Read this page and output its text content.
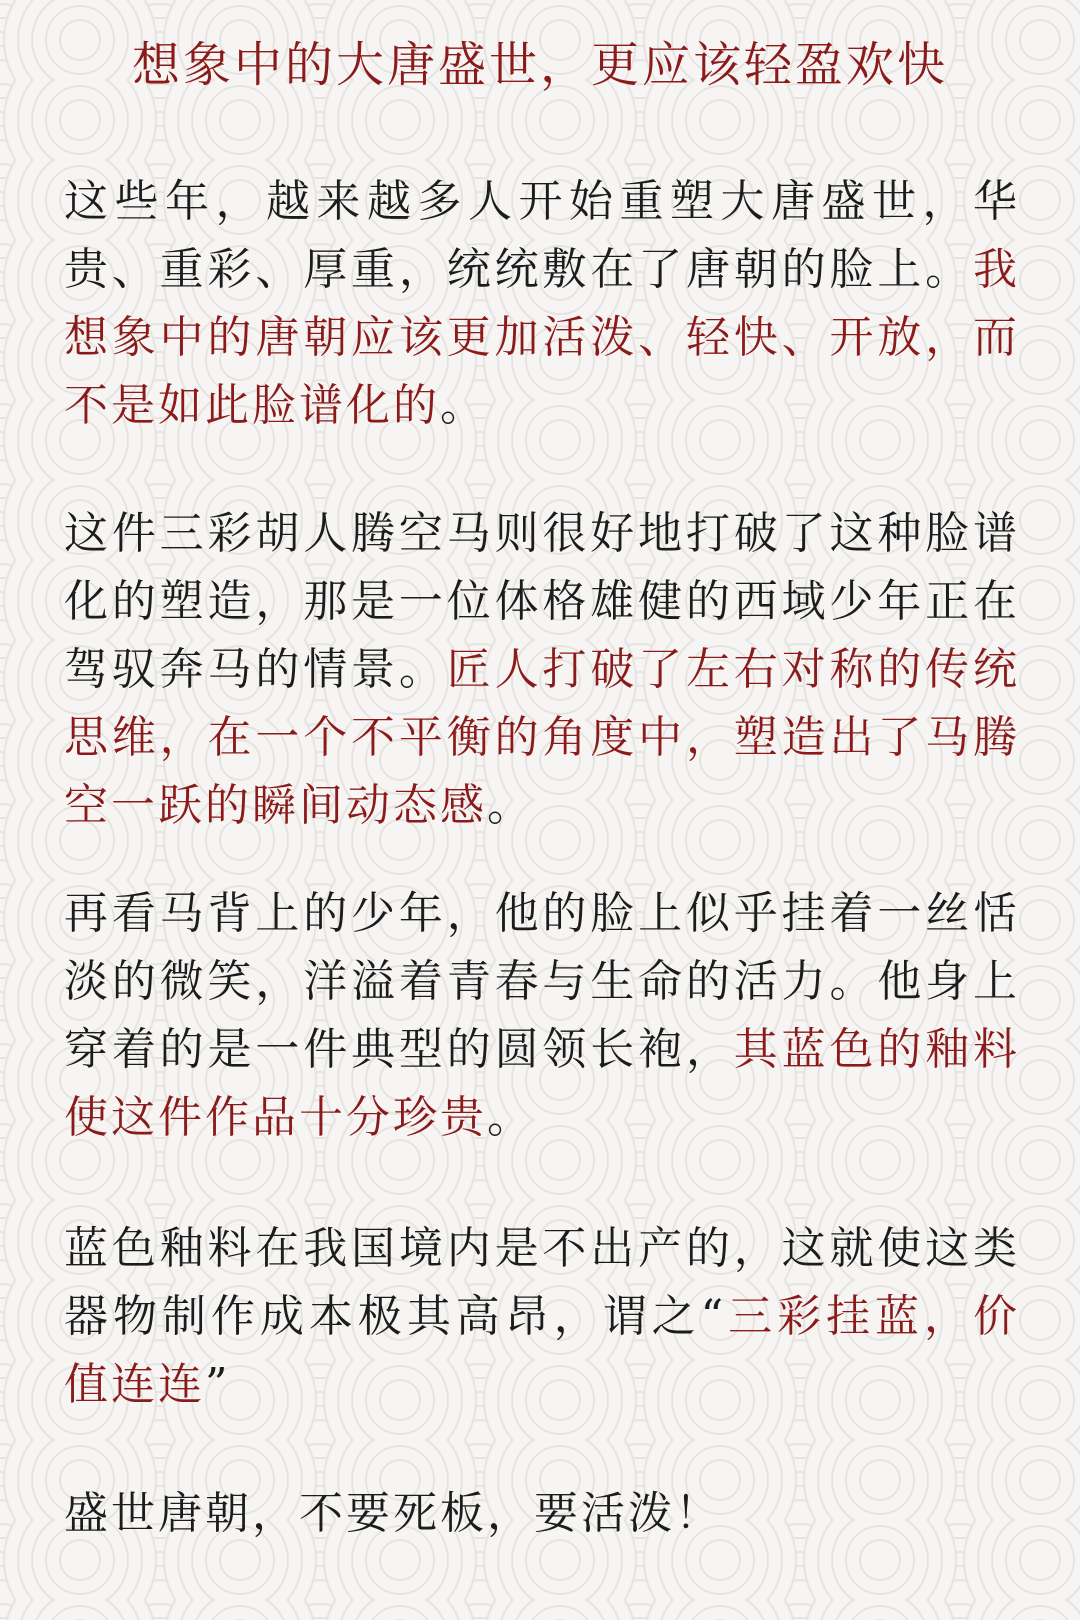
想象中的大唐盛世，更应该轻盈欢快

这些年，越来越多人开始重塑大唐盛世，华贵、重彩、厚重，统统敷在了唐朝的脸上。我想象中的唐朝应该更加活泼、轻快、开放，而不是如此脸谱化的。

这件三彩胡人腾空马则很好地打破了这种脸谱化的塑造，那是一位体格雄健的西域少年正在驾驭奔马的情景。匠人打破了左右对称的传统思维，在一个不平衡的角度中，塑造出了马腾空一跃的瞬间动态感。

再看马背上的少年，他的脸上似乎挂着一丝恬淡的微笑，洋溢着青春与生命的活力。他身上穿着的是一件典型的圆领长袍，其蓝色的釉料使这件作品十分珍贵。

蓝色釉料在我国境内是不出产的，这就使这类器物制作成本极其高昂，谓之“三彩挂蓝，价值连连”

盛世唐朝，不要死板，要活泼！
